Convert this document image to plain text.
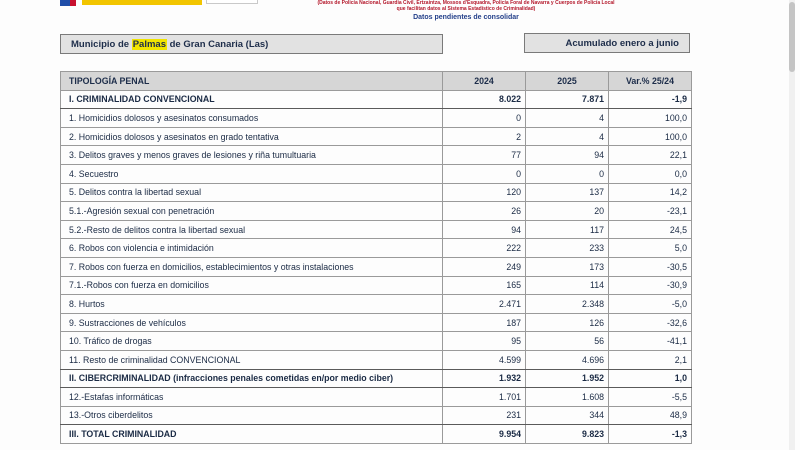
(Datos de Policía Nacional, Guardia Civil, Ertzaintza, Mossos d'Esquadra, Policía Foral de Navarra y Cuerpos de Policía Local
que facilitan datos al Sistema Estadístico de Criminalidad)
Datos pendientes de consolidar
Municipio de Palmas de Gran Canaria (Las)	Acumulado enero a junio
TIPOLOGÍA PENAL	2024	2025	Var.% 25/24
I. CRIMINALIDAD CONVENCIONAL	8.022	7.871	-1,9
1. Homicidios dolosos y asesinatos consumados	0	4	100,0
2. Homicidios dolosos y asesinatos en grado tentativa	2	4	100,0
3. Delitos graves y menos graves de lesiones y riña tumultuaria	77	94	22,1
4. Secuestro	0	0	0,0
5. Delitos contra la libertad sexual	120	137	14,2
5.1.-Agresión sexual con penetración	26	20	-23,1
5.2.-Resto de delitos contra la libertad sexual	94	117	24,5
6. Robos con violencia e intimidación	222	233	5,0
7. Robos con fuerza en domicilios, establecimientos y otras instalaciones	249	173	-30,5
7.1.-Robos con fuerza en domicilios	165	114	-30,9
8. Hurtos	2.471	2.348	-5,0
9. Sustracciones de vehículos	187	126	-32,6
10. Tráfico de drogas	95	56	-41,1
11. Resto de criminalidad CONVENCIONAL	4.599	4.696	2,1
II. CIBERCRIMINALIDAD (infracciones penales cometidas en/por medio ciber)	1.932	1.952	1,0
12.-Estafas informáticas	1.701	1.608	-5,5
13.-Otros ciberdelitos	231	344	48,9
III. TOTAL CRIMINALIDAD	9.954	9.823	-1,3
